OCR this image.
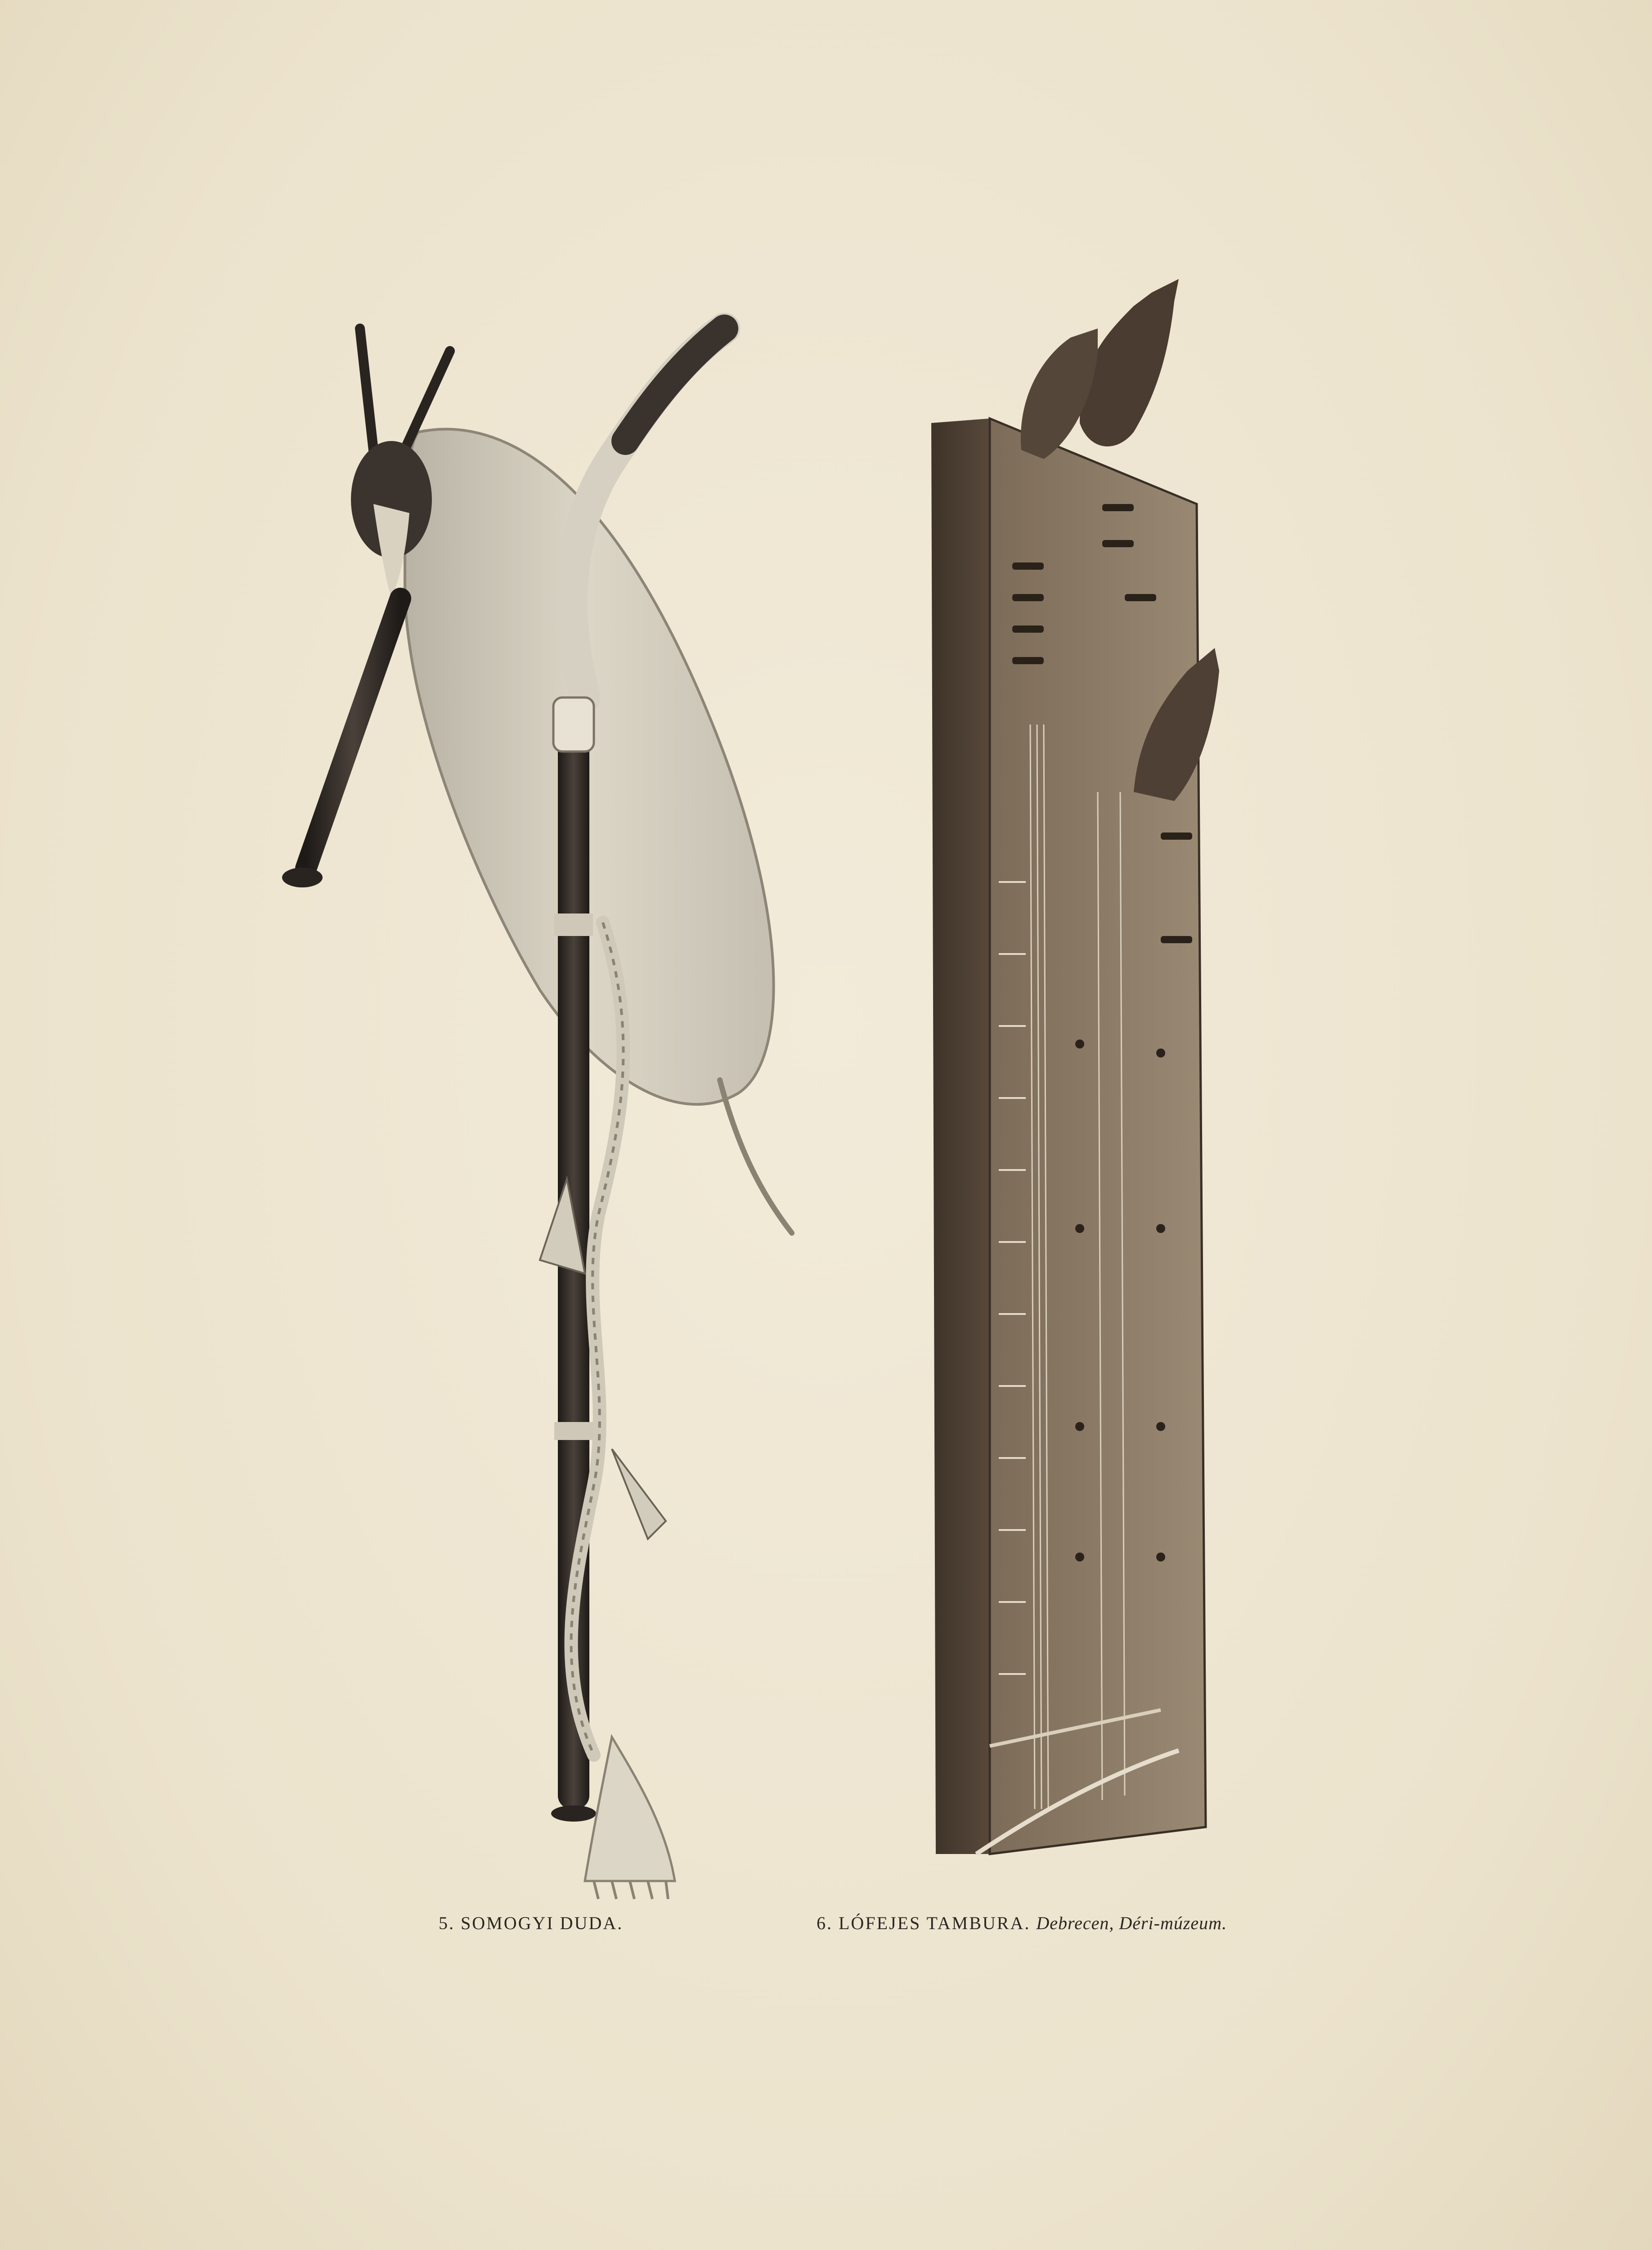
5. SOMOGYI DUDA.	6. LÓFEJES TAMBURA. Debrecen, Déri-múzeum.
